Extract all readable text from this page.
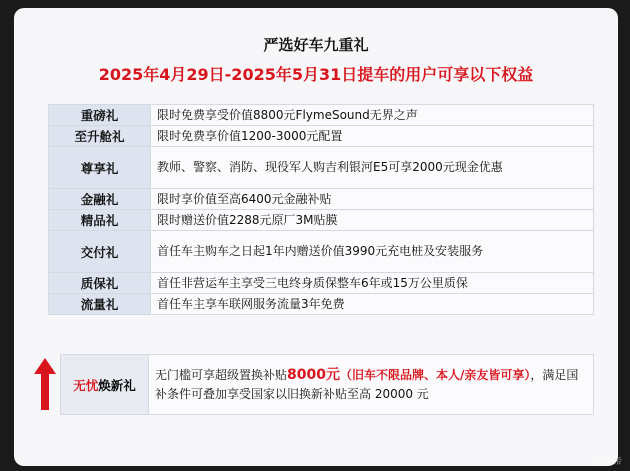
严选好车九重礼
2025年4月29日-2025年5月31日提车的用户可享以下权益
重磅礼	限时免费享受价值8800元FlymeSound无界之声
至升舱礼	限时免费享价值1200-3000元配置
尊享礼	教师、警察、消防、现役军人购吉利银河E5可享2000元现金优惠
金融礼	限时享价值至高6400元金融补贴
精品礼	限时赠送价值2288元原厂3M贴膜
交付礼	首任车主购车之日起1年内赠送价值3990元充电桩及安装服务
质保礼	首任非营运车主享受三电终身质保整车6年或15万公里质保
流量礼	首任车主享车联网服务流量3年免费
无忧焕新礼	无门槛可享超级置换补贴8000元（旧车不限品牌、本人/亲友皆可享），满足国补条件可叠加享受国家以旧换新补贴至高 20000 元
懂车帝
